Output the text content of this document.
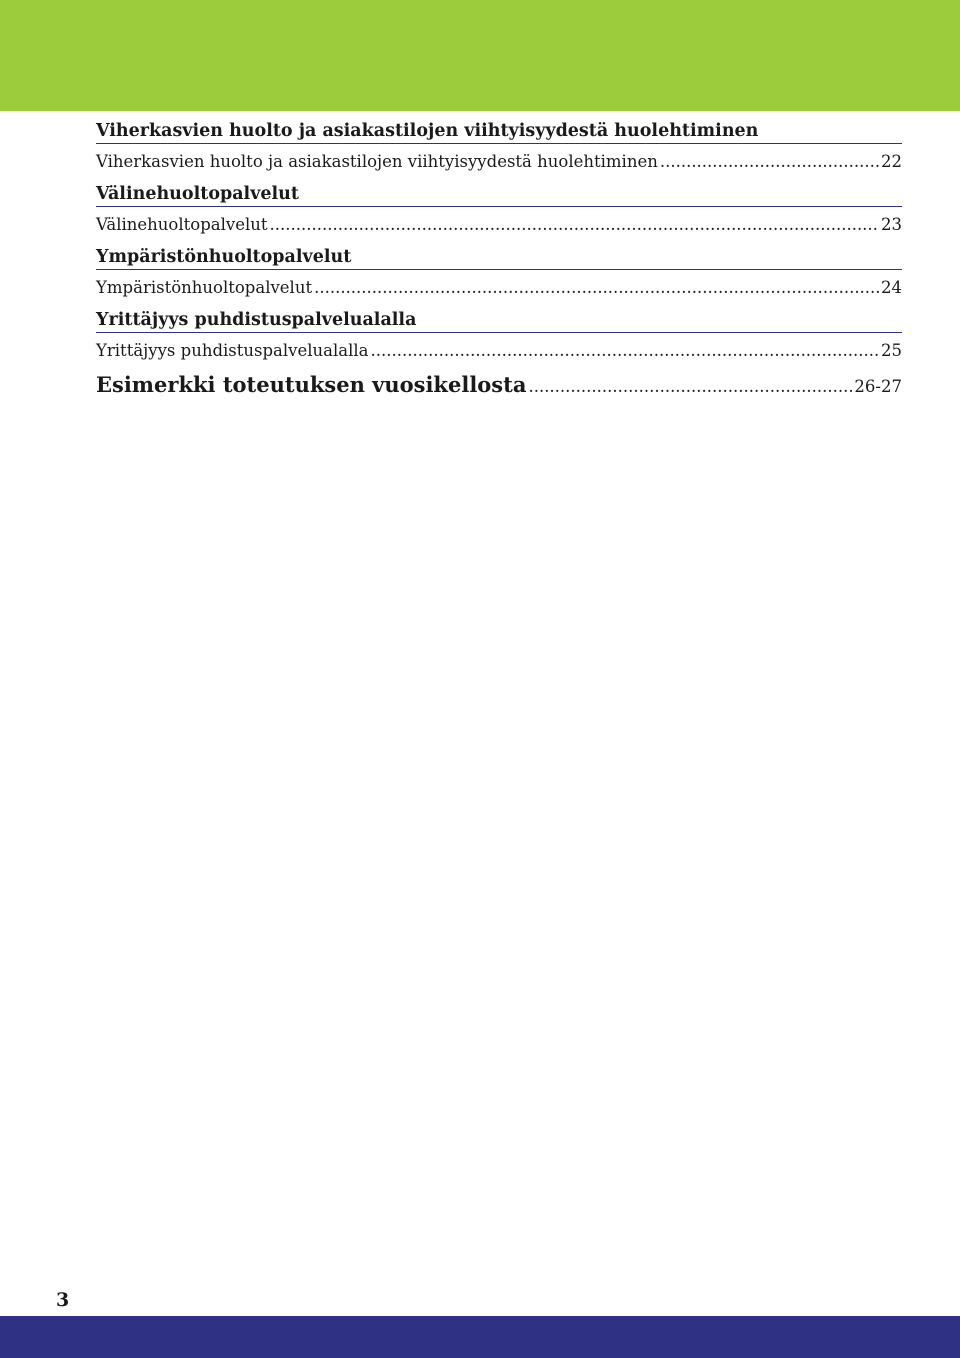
Viherkasvien huolto ja asiakastilojen viihtyisyydestä huolehtiminen
Viherkasvien huolto ja asiakastilojen viihtyisyydestä huolehtiminen .....	22
Välinehuoltopalvelut
Välinehuoltopalvelut .....	23
Ympäristönhuoltopalvelut
Ympäristönhuoltopalvelut .....	24
Yrittäjyys puhdistuspalvelualalla
Yrittäjyys puhdistuspalvelualalla .....	25
Esimerkki toteutuksen vuosikellosta .....	26-27
3
